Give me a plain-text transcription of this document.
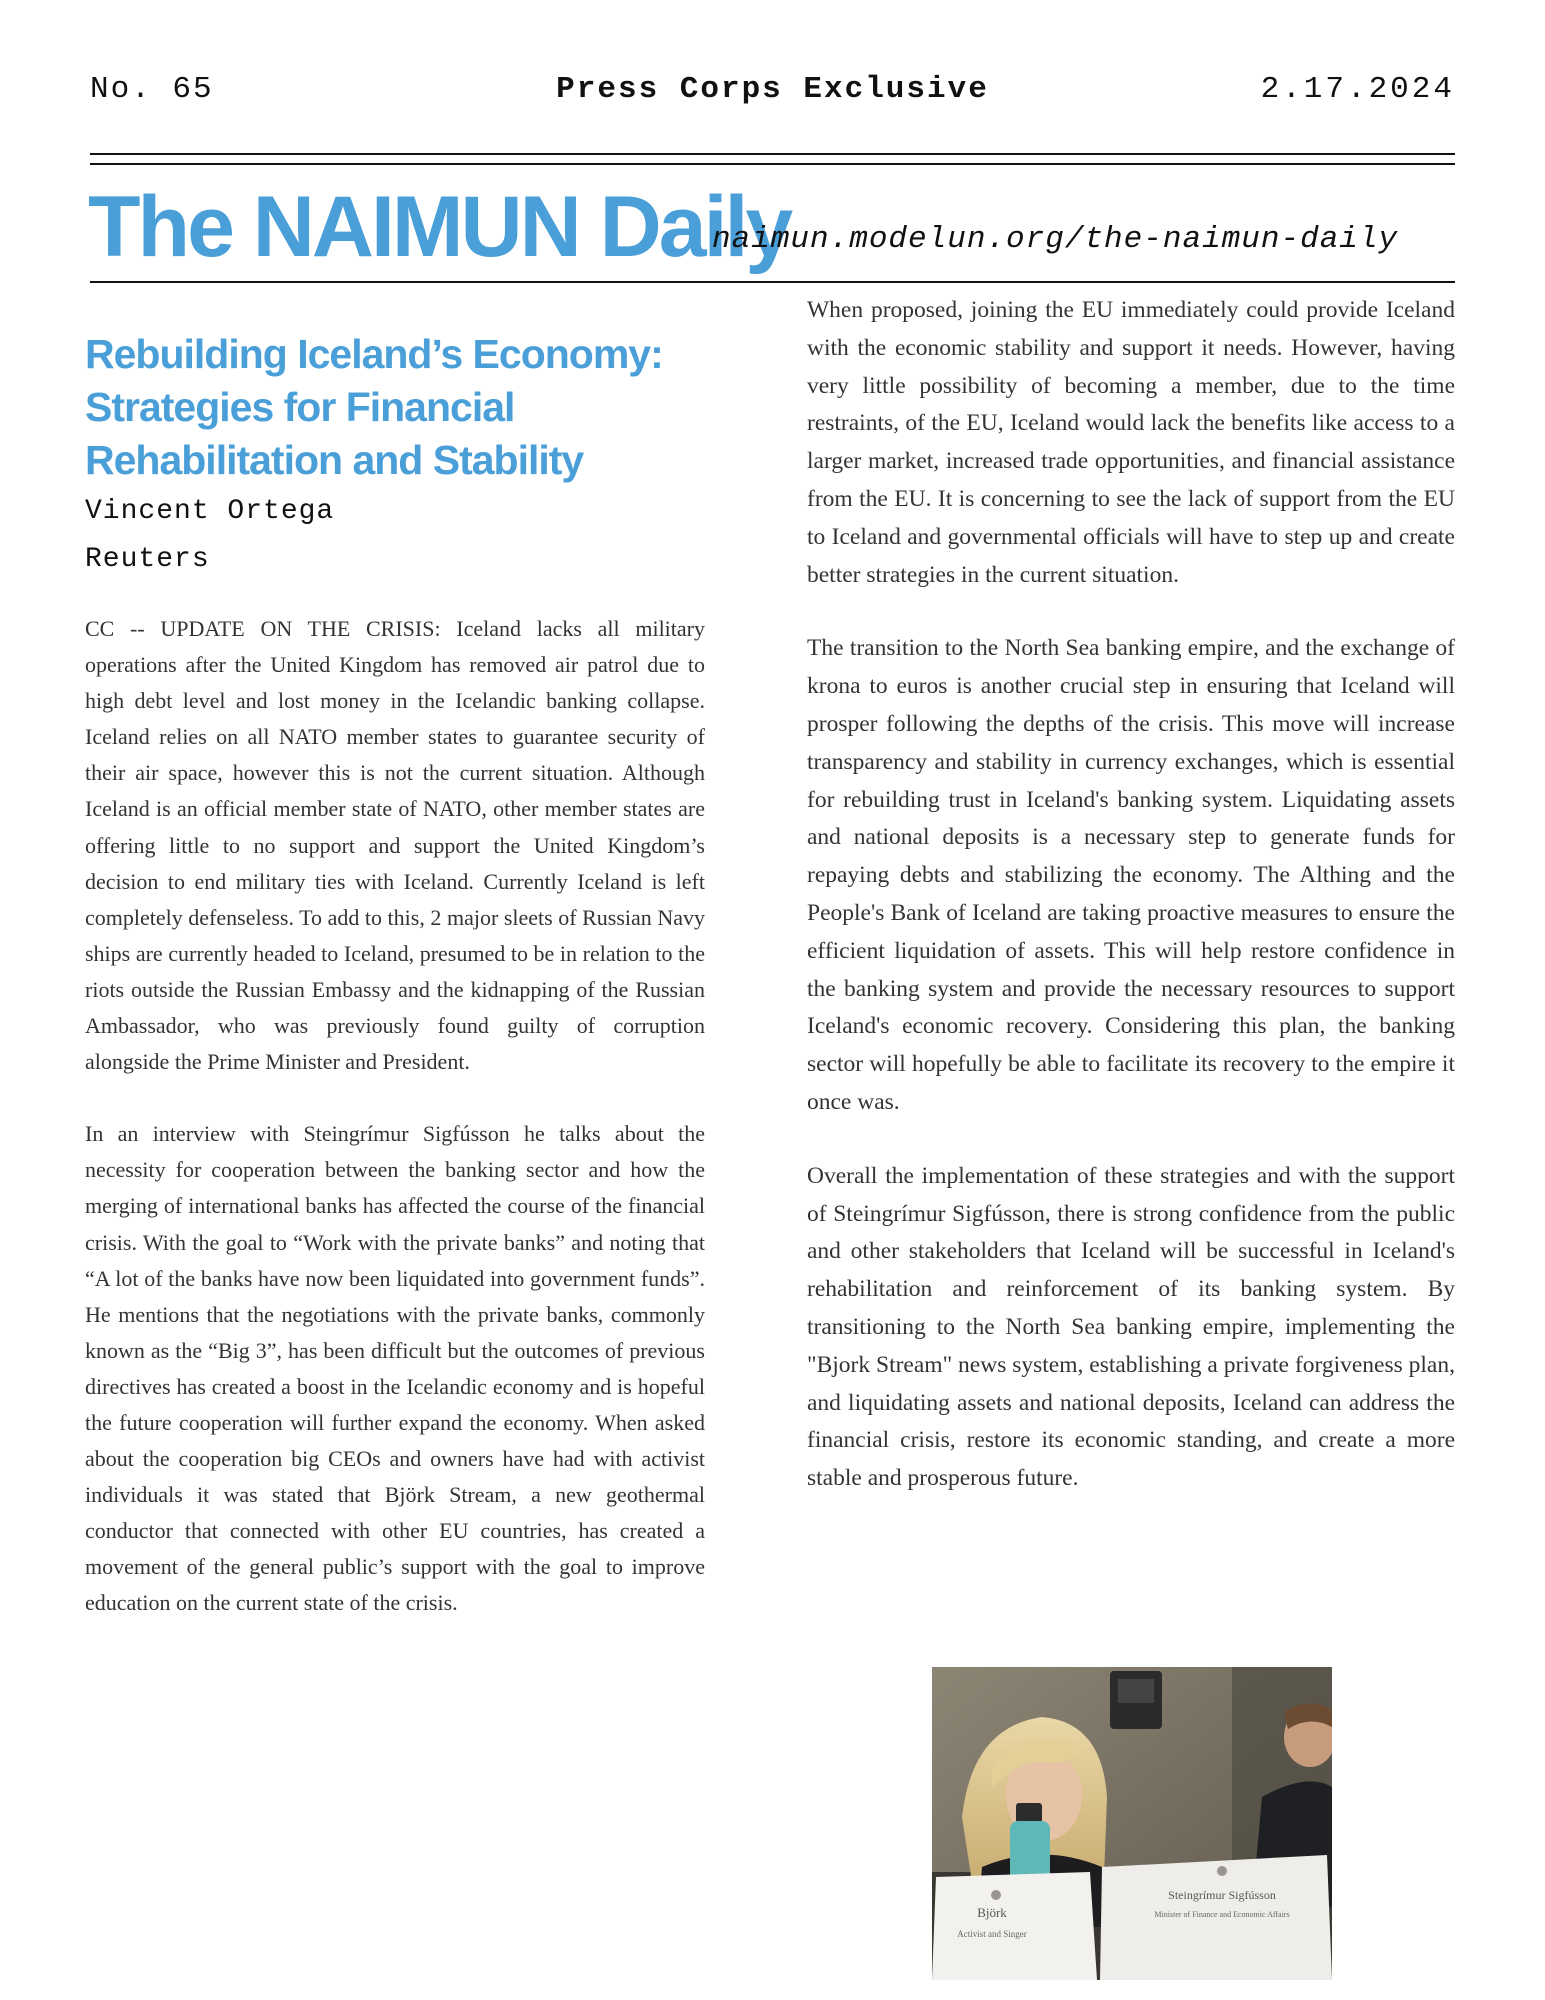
No. 65	Press Corps Exclusive	2.17.2024
The NAIMUN Daily
naimun.modelun.org/the-naimun-daily
Rebuilding Iceland’s Economy: Strategies for Financial Rehabilitation and Stability
Vincent Ortega
Reuters

CC -- UPDATE ON THE CRISIS: Iceland lacks all military operations after the United Kingdom has removed air patrol due to high debt level and lost money in the Icelandic banking collapse. Iceland relies on all NATO member states to guarantee security of their air space, however this is not the current situation. Although Iceland is an official member state of NATO, other member states are offering little to no support and support the United Kingdom’s decision to end military ties with Iceland. Currently Iceland is left completely defenseless. To add to this, 2 major sleets of Russian Navy ships are currently headed to Iceland, presumed to be in relation to the riots outside the Russian Embassy and the kidnapping of the Russian Ambassador, who was previously found guilty of corruption alongside the Prime Minister and President.

In an interview with Steingrímur Sigfússon he talks about the necessity for cooperation between the banking sector and how the merging of international banks has affected the course of the financial crisis. With the goal to “Work with the private banks” and noting that “A lot of the banks have now been liquidated into government funds”. He mentions that the negotiations with the private banks, commonly known as the “Big 3”, has been difficult but the outcomes of previous directives has created a boost in the Icelandic economy and is hopeful the future cooperation will further expand the economy. When asked about the cooperation big CEOs and owners have had with activist individuals it was stated that Björk Stream, a new geothermal conductor that connected with other EU countries, has created a movement of the general public’s support with the goal to improve education on the current state of the crisis.

When proposed, joining the EU immediately could provide Iceland with the economic stability and support it needs. However, having very little possibility of becoming a member, due to the time restraints, of the EU, Iceland would lack the benefits like access to a larger market, increased trade opportunities, and financial assistance from the EU. It is concerning to see the lack of support from the EU to Iceland and governmental officials will have to step up and create better strategies in the current situation.

The transition to the North Sea banking empire, and the exchange of krona to euros is another crucial step in ensuring that Iceland will prosper following the depths of the crisis. This move will increase transparency and stability in currency exchanges, which is essential for rebuilding trust in Iceland's banking system. Liquidating assets and national deposits is a necessary step to generate funds for repaying debts and stabilizing the economy. The Althing and the People's Bank of Iceland are taking proactive measures to ensure the efficient liquidation of assets. This will help restore confidence in the banking system and provide the necessary resources to support Iceland's economic recovery. Considering this plan, the banking sector will hopefully be able to facilitate its recovery to the empire it once was.

Overall the implementation of these strategies and with the support of Steingrímur Sigfússon, there is strong confidence from the public and other stakeholders that Iceland will be successful in Iceland's rehabilitation and reinforcement of its banking system. By transitioning to the North Sea banking empire, implementing the "Bjork Stream" news system, establishing a private forgiveness plan, and liquidating assets and national deposits, Iceland can address the financial crisis, restore its economic standing, and create a more stable and prosperous future.

Björk
Activist and Singer
Steingrímur Sigfússon
Minister of Finance and Economic Affairs
